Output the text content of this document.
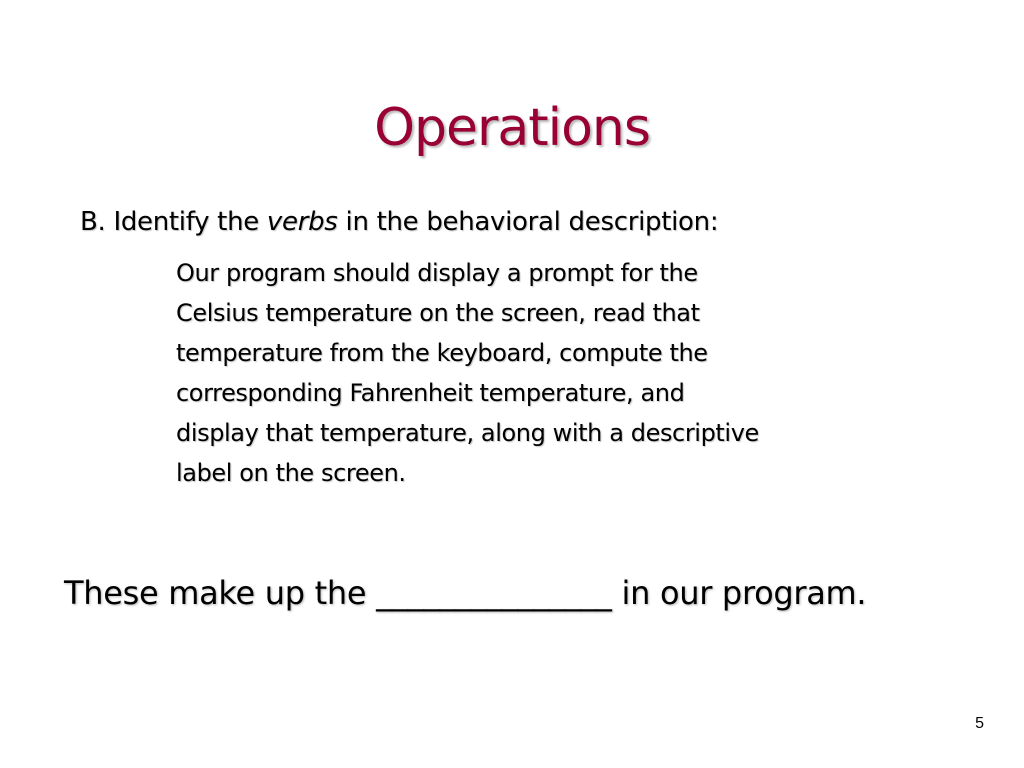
Operations
B. Identify the verbs in the behavioral description:

Our program should display a prompt for the
Celsius temperature on the screen, read that
temperature from the keyboard, compute the
corresponding Fahrenheit temperature, and
display that temperature, along with a descriptive
label on the screen.

These make up the _______________ in our program.
5
